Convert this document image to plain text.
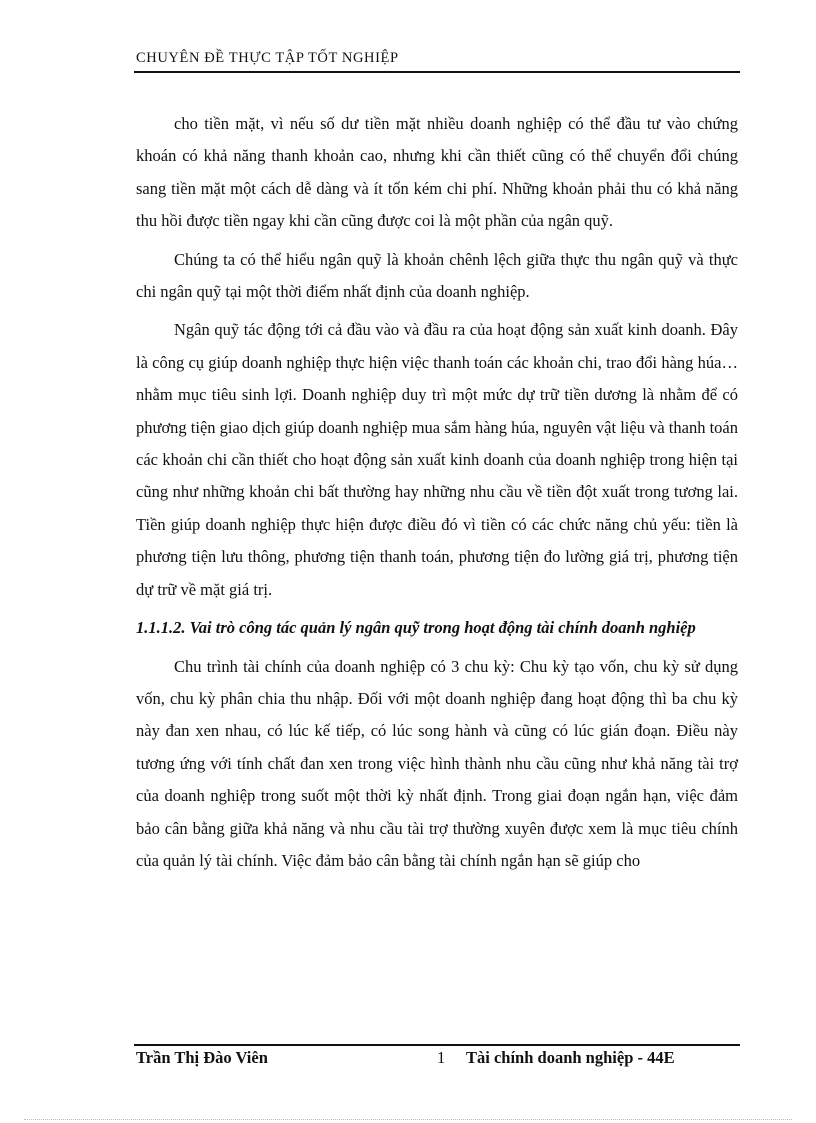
CHUYÊN ĐỀ THỰC TẬP TỐT NGHIỆP

cho tiền mặt, vì nếu số dư tiền mặt nhiều doanh nghiệp có thể đầu tư vào chứng khoán có khả năng thanh khoản cao, nhưng khi cần thiết cũng có thể chuyển đổi chúng sang tiền mặt một cách dễ dàng và ít tốn kém chi phí. Những khoản phải thu có khả năng thu hồi được tiền ngay khi cần cũng được coi là một phần của ngân quỹ.

Chúng ta có thể hiểu ngân quỹ là khoản chênh lệch giữa thực thu ngân quỹ và thực chi ngân quỹ tại một thời điểm nhất định của doanh nghiệp.

Ngân quỹ tác động tới cả đầu vào và đầu ra của hoạt động sản xuất kinh doanh. Đây là công cụ giúp doanh nghiệp thực hiện việc thanh toán các khoản chi, trao đổi hàng húa…nhằm mục tiêu sinh lợi. Doanh nghiệp duy trì một mức dự trữ tiền dương là nhằm để có phương tiện giao dịch giúp doanh nghiệp mua sắm hàng húa, nguyên vật liệu và thanh toán các khoản chi cần thiết cho hoạt động sản xuất kinh doanh của doanh nghiệp trong hiện tại cũng như những khoản chi bất thường hay những nhu cầu về tiền đột xuất trong tương lai. Tiền giúp doanh nghiệp thực hiện được điều đó vì tiền có các chức năng chủ yếu: tiền là phương tiện lưu thông, phương tiện thanh toán, phương tiện đo lường giá trị, phương tiện dự trữ về mặt giá trị.

1.1.1.2. Vai trò công tác quản lý ngân quỹ trong hoạt động tài chính doanh nghiệp

Chu trình tài chính của doanh nghiệp có 3 chu kỳ: Chu kỳ tạo vốn, chu kỳ sử dụng vốn, chu kỳ phân chia thu nhập. Đối với một doanh nghiệp đang hoạt động thì ba chu kỳ này đan xen nhau, có lúc kế tiếp, có lúc song hành và cũng có lúc gián đoạn. Điều này tương ứng với tính chất đan xen trong việc hình thành nhu cầu cũng như khả năng tài trợ của doanh nghiệp trong suốt một thời kỳ nhất định. Trong giai đoạn ngắn hạn, việc đảm bảo cân bằng giữa khả năng và nhu cầu tài trợ thường xuyên được xem là mục tiêu chính của quản lý tài chính. Việc đảm bảo cân bằng tài chính ngắn hạn sẽ giúp cho

Trần Thị Đào Viên	1 Tài chính doanh nghiệp - 44E
